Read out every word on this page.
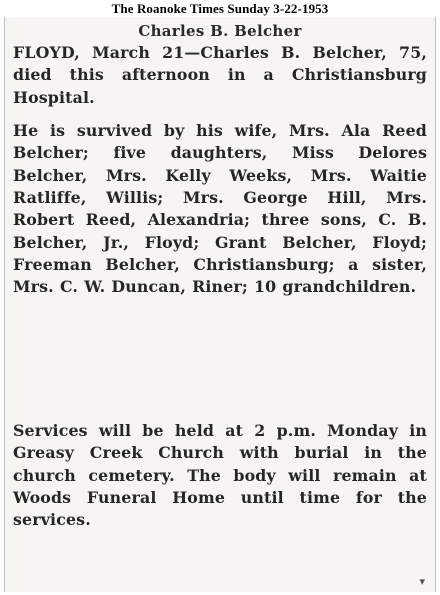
The Roanoke Times Sunday 3-22-1953
Charles B. Belcher
FLOYD, March 21—Charles B. Belcher, 75, died this afternoon in a Christiansburg Hospital.
He is survived by his wife, Mrs. Ala Reed Belcher; five daughters, Miss Delores Belcher, Mrs. Kelly Weeks, Mrs. Waitie Ratliffe, Willis; Mrs. George Hill, Mrs. Robert Reed, Alexandria; three sons, C. B. Belcher, Jr., Floyd; Grant Belcher, Floyd; Freeman Belcher, Christiansburg; a sister, Mrs. C. W. Duncan, Riner; 10 grandchildren.
Services will be held at 2 p.m. Monday in Greasy Creek Church with burial in the church cemetery. The body will remain at Woods Funeral Home until time for the services.
▾
